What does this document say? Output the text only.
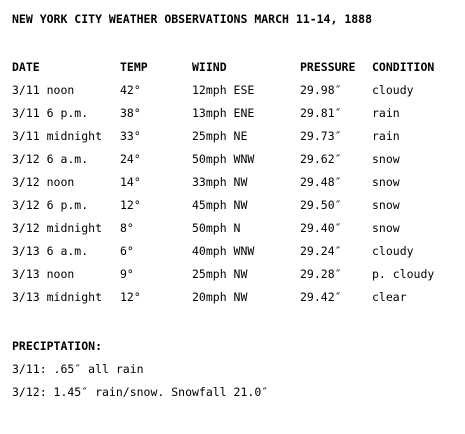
NEW YORK CITY WEATHER OBSERVATIONS MARCH 11-14, 1888
DATE	TEMP	WIIND	PRESSURE CONDITION
3/11 noon	42°	12mph ESE	29.98″	cloudy
3/11 6 p.m.	38°	13mph ENE	29.81″	rain
3/11 midnight 33°	25mph NE	29.73″	rain
3/12 6 a.m.	24°	50mph WNW	29.62″	snow
3/12 noon	14°	33mph NW	29.48″	snow
3/12 6 p.m.	12°	45mph NW	29.50″	snow
3/12 midnight 8°	50mph N	29.40″	snow
3/13 6 a.m.	6°	40mph WNW	29.24″	cloudy
3/13 noon	9°	25mph NW	29.28″	p. cloudy
3/13 midnight 12°	20mph NW	29.42″	clear
PRECIPTATION:
3/11: .65″ all rain
3/12: 1.45″ rain/snow. Snowfall 21.0″
